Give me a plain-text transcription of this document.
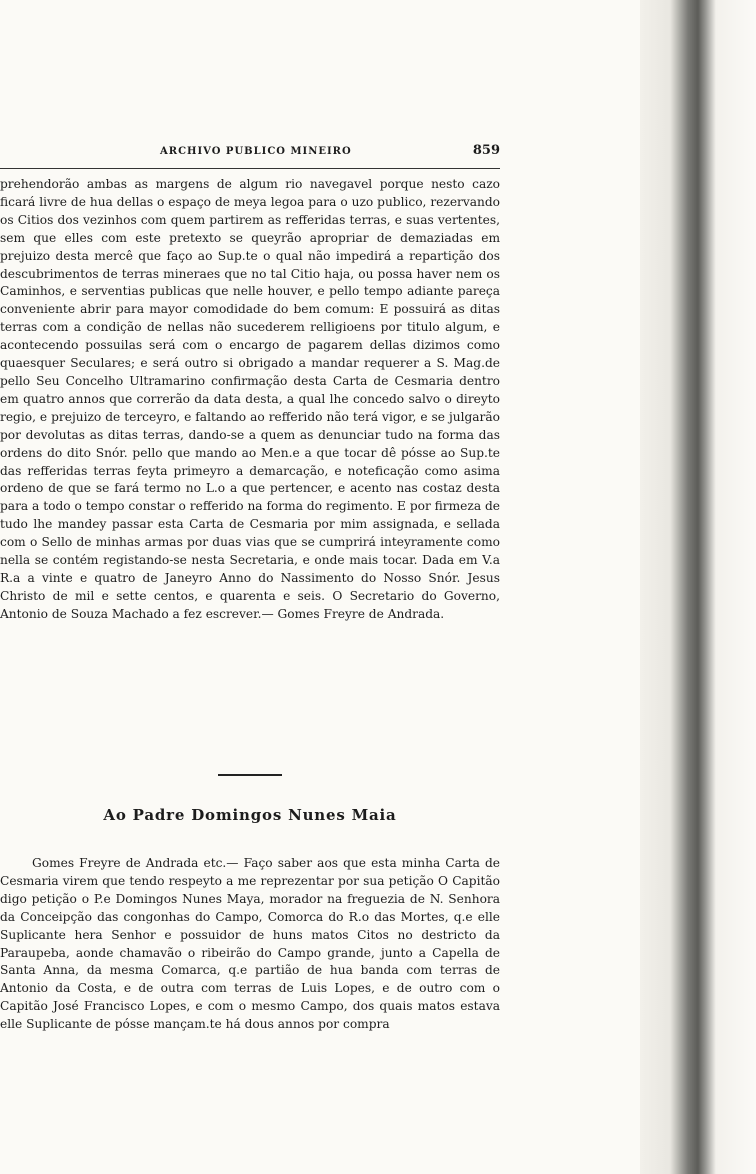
ARCHIVO PUBLICO MINEIRO	859

prehendorão ambas as margens de algum rio navegavel porque nesto cazo ficará livre de hua dellas o espaço de meya legoa para o uzo publico, rezervando os Citios dos vezinhos com quem partirem as refferidas terras, e suas vertentes, sem que elles com este pretexto se queyrão apropriar de demaziadas em prejuizo desta mercê que faço ao Sup.te o qual não impedirá a repartição dos descubrimentos de terras mineraes que no tal Citio haja, ou possa haver nem os Caminhos, e serventias publicas que nelle houver, e pello tempo adiante pareça conveniente abrir para mayor comodidade do bem comum: E possuirá as ditas terras com a condição de nellas não sucederem relligioens por titulo algum, e acontecendo possuilas será com o encargo de pagarem dellas dizimos como quaesquer Seculares; e será outro si obrigado a mandar requerer a S. Mag.de pello Seu Concelho Ultramarino confirmação desta Carta de Cesmaria dentro em quatro annos que correrão da data desta, a qual lhe concedo salvo o direyto regio, e prejuizo de terceyro, e faltando ao refferido não terá vigor, e se julgarão por devolutas as ditas terras, dando-se a quem as denunciar tudo na forma das ordens do dito Snór. pello que mando ao Men.e a que tocar dê pósse ao Sup.te das refferidas terras feyta primeyro a demarcação, e noteficação como asima ordeno de que se fará termo no L.o a que pertencer, e acento nas costaz desta para a todo o tempo constar o refferido na forma do regimento. E por firmeza de tudo lhe mandey passar esta Carta de Cesmaria por mim assignada, e sellada com o Sello de minhas armas por duas vias que se cumprirá inteyramente como nella se contém registando-se nesta Secretaria, e onde mais tocar. Dada em V.a R.a a vinte e quatro de Janeyro Anno do Nassimento do Nosso Snór. Jesus Christo de mil e sette centos, e quarenta e seis. O Secretario do Governo, Antonio de Souza Machado a fez escrever.— Gomes Freyre de Andrada.

Ao Padre Domingos Nunes Maia

Gomes Freyre de Andrada etc.— Faço saber aos que esta minha Carta de Cesmaria virem que tendo respeyto a me reprezentar por sua petição O Capitão digo petição o P.e Domingos Nunes Maya, morador na freguezia de N. Senhora da Conceipção das congonhas do Campo, Comorca do R.o das Mortes, q.e elle Suplicante hera Senhor e possuidor de huns matos Citos no destricto da Paraupeba, aonde chamavão o ribeirão do Campo grande, junto a Capella de Santa Anna, da mesma Comarca, q.e partião de hua banda com terras de Antonio da Costa, e de outra com terras de Luis Lopes, e de outro com o Capitão José Francisco Lopes, e com o mesmo Campo, dos quais matos estava elle Suplicante de pósse mançam.te há dous annos por compra
